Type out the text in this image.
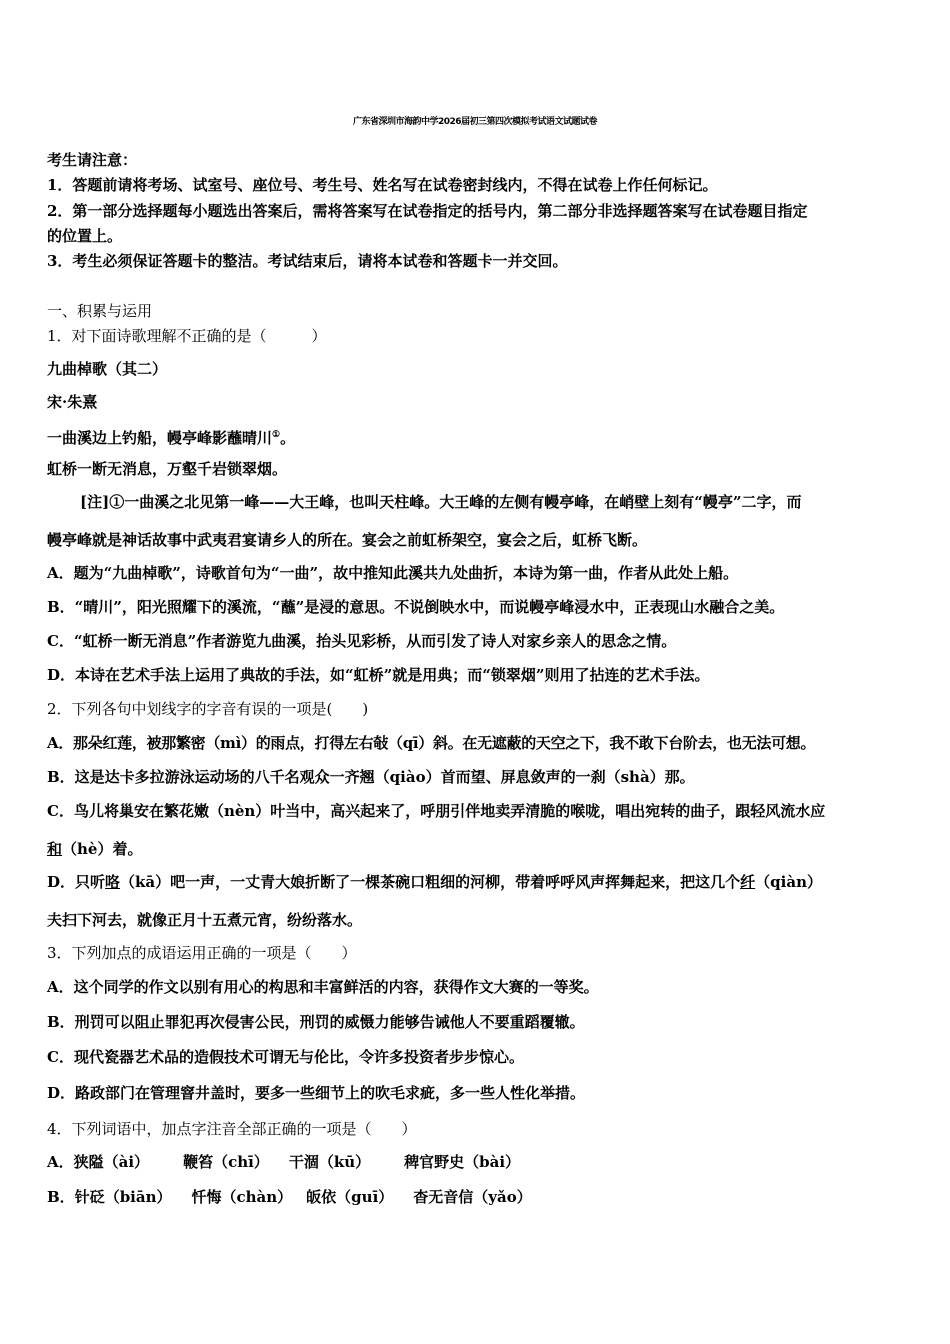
广东省深圳市海韵中学2026届初三第四次模拟考试语文试题试卷
考生请注意：
1．答题前请将考场、试室号、座位号、考生号、姓名写在试卷密封线内，不得在试卷上作任何标记。
2．第一部分选择题每小题选出答案后，需将答案写在试卷指定的括号内，第二部分非选择题答案写在试卷题目指定
的位置上。
3．考生必须保证答题卡的整洁。考试结束后，请将本试卷和答题卡一并交回。
一、积累与运用
1．对下面诗歌理解不正确的是（　　　）
九曲棹歌（其二）
宋·朱熹
一曲溪边上钓船，幔亭峰影蘸晴川①。
虹桥一断无消息，万壑千岩锁翠烟。
[注]①一曲溪之北见第一峰——大王峰，也叫天柱峰。大王峰的左侧有幔亭峰，在峭壁上刻有“幔亭”二字，而
幔亭峰就是神话故事中武夷君宴请乡人的所在。宴会之前虹桥架空，宴会之后，虹桥飞断。
A．题为“九曲棹歌”，诗歌首句为“一曲”，故中推知此溪共九处曲折，本诗为第一曲，作者从此处上船。
B．“晴川”，阳光照耀下的溪流，“蘸”是浸的意思。不说倒映水中，而说幔亭峰浸水中，正表现山水融合之美。
C．“虹桥一断无消息”作者游览九曲溪，抬头见彩桥，从而引发了诗人对家乡亲人的思念之情。
D．本诗在艺术手法上运用了典故的手法，如“虹桥”就是用典；而“锁翠烟”则用了拈连的艺术手法。
2．下列各句中划线字的字音有误的一项是(　　)
A．那朵红莲，被那繁密（mì）的雨点，打得左右敧（qī）斜。在无遮蔽的天空之下，我不敢下台阶去，也无法可想。
B．这是达卡多拉游泳运动场的八千名观众一齐翘（qiào）首而望、屏息敛声的一刹（shà）那。
C．鸟儿将巢安在繁花嫩（nèn）叶当中，高兴起来了，呼朋引伴地卖弄清脆的喉咙，唱出宛转的曲子，跟轻风流水应
和（hè）着。
D．只听咯（kā）吧一声，一丈青大娘折断了一棵茶碗口粗细的河柳，带着呼呼风声挥舞起来，把这几个纤（qiàn）
夫扫下河去，就像正月十五煮元宵，纷纷落水。
3．下列加点的成语运用正确的一项是（　　）
A．这个同学的作文以别有用心的构思和丰富鲜活的内容，获得作文大赛的一等奖。
B．刑罚可以阻止罪犯再次侵害公民，刑罚的威慑力能够告诫他人不要重蹈覆辙。
C．现代瓷器艺术品的造假技术可谓无与伦比，令许多投资者步步惊心。
D．路政部门在管理窨井盖时，要多一些细节上的吹毛求疵，多一些人性化举措。
4．下列词语中，加点字注音全部正确的一项是（　　）
A．狭隘（ài） 鞭笞（chī） 干涸（kū） 稗官野史（bài）
B．针砭（biān） 忏悔（chàn） 皈依（guī） 杳无音信（yǎo）
